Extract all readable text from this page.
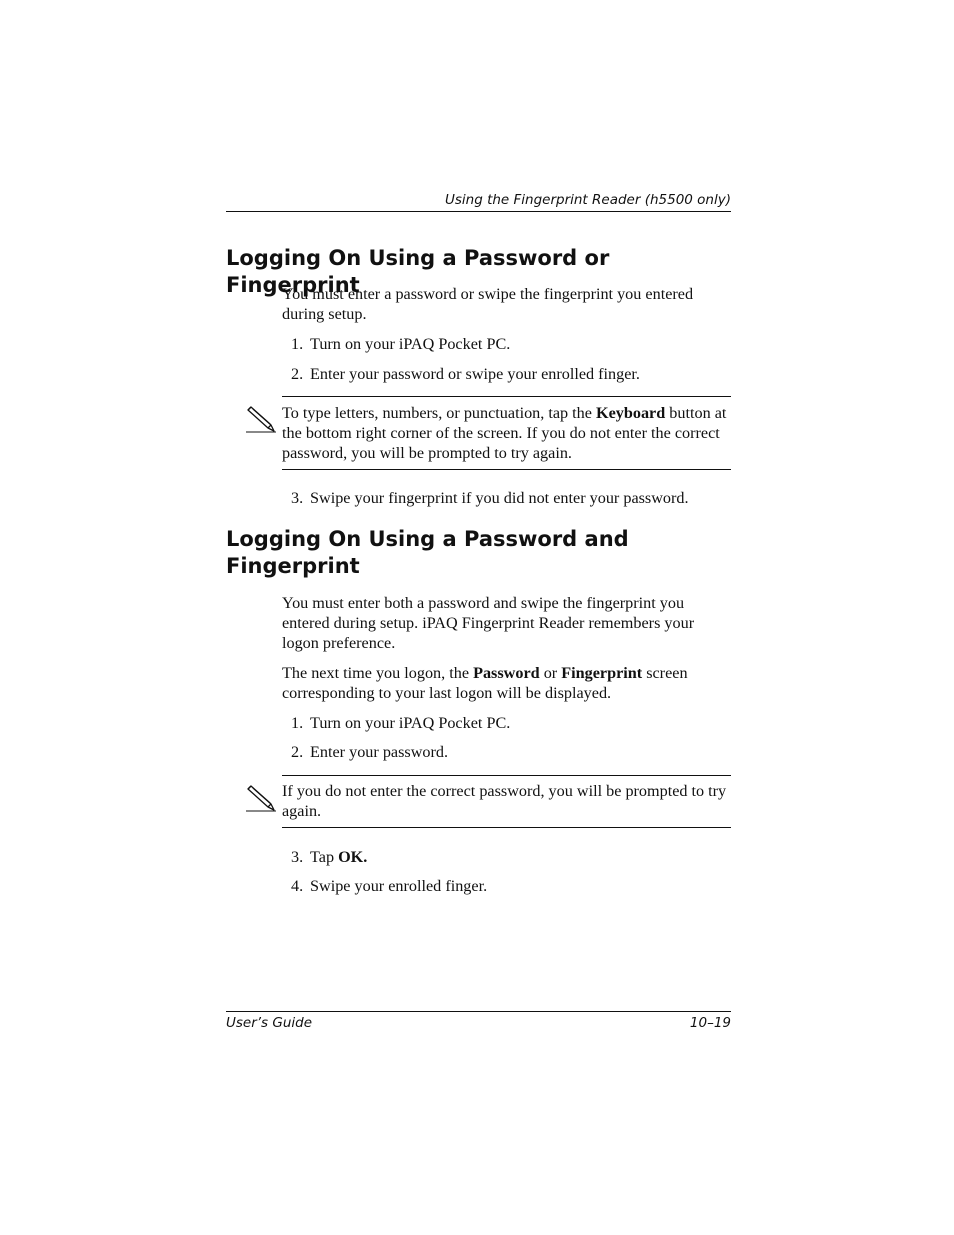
Using the Fingerprint Reader (h5500 only)
Logging On Using a Password or Fingerprint

You must enter a password or swipe the fingerprint you entered during setup.

1. Turn on your iPAQ Pocket PC.

2. Enter your password or swipe your enrolled finger.

To type letters, numbers, or punctuation, tap the Keyboard button at the bottom right corner of the screen. If you do not enter the correct password, you will be prompted to try again.

3. Swipe your fingerprint if you did not enter your password.

Logging On Using a Password and
Fingerprint

You must enter both a password and swipe the fingerprint you entered during setup. iPAQ Fingerprint Reader remembers your logon preference.

The next time you logon, the Password or Fingerprint screen corresponding to your last logon will be displayed.

1. Turn on your iPAQ Pocket PC.

2. Enter your password.

If you do not enter the correct password, you will be prompted to try again.

3. Tap OK.

4. Swipe your enrolled finger.

User’s Guide	10–19
